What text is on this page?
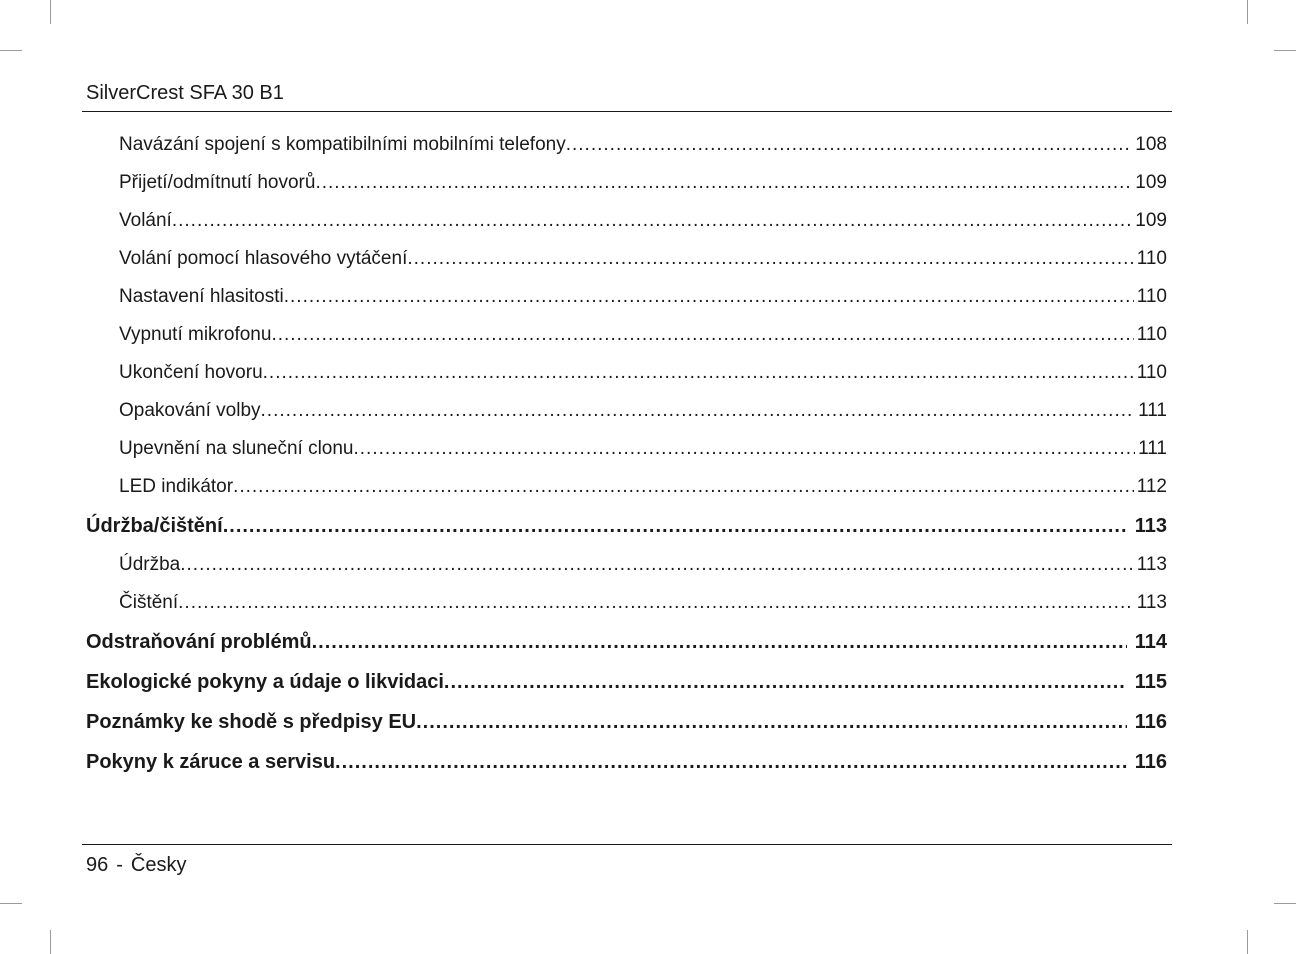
SilverCrest SFA 30 B1
Navázání spojení s kompatibilními mobilními telefony .....	108
Přijetí/odmítnutí hovorů .....	109
Volání .....	109
Volání pomocí hlasového vytáčení .....	110
Nastavení hlasitosti .....	110
Vypnutí mikrofonu .....	110
Ukončení hovoru .....	110
Opakování volby .....	111
Upevnění na sluneční clonu .....	111
LED indikátor .....	112
Údržba/čištění .....	113
Údržba .....	113
Čištění .....	113
Odstraňování problémů .....	114
Ekologické pokyny a údaje o likvidaci .....	115
Poznámky ke shodě s předpisy EU .....	116
Pokyny k záruce a servisu .....	116
96 - Česky
